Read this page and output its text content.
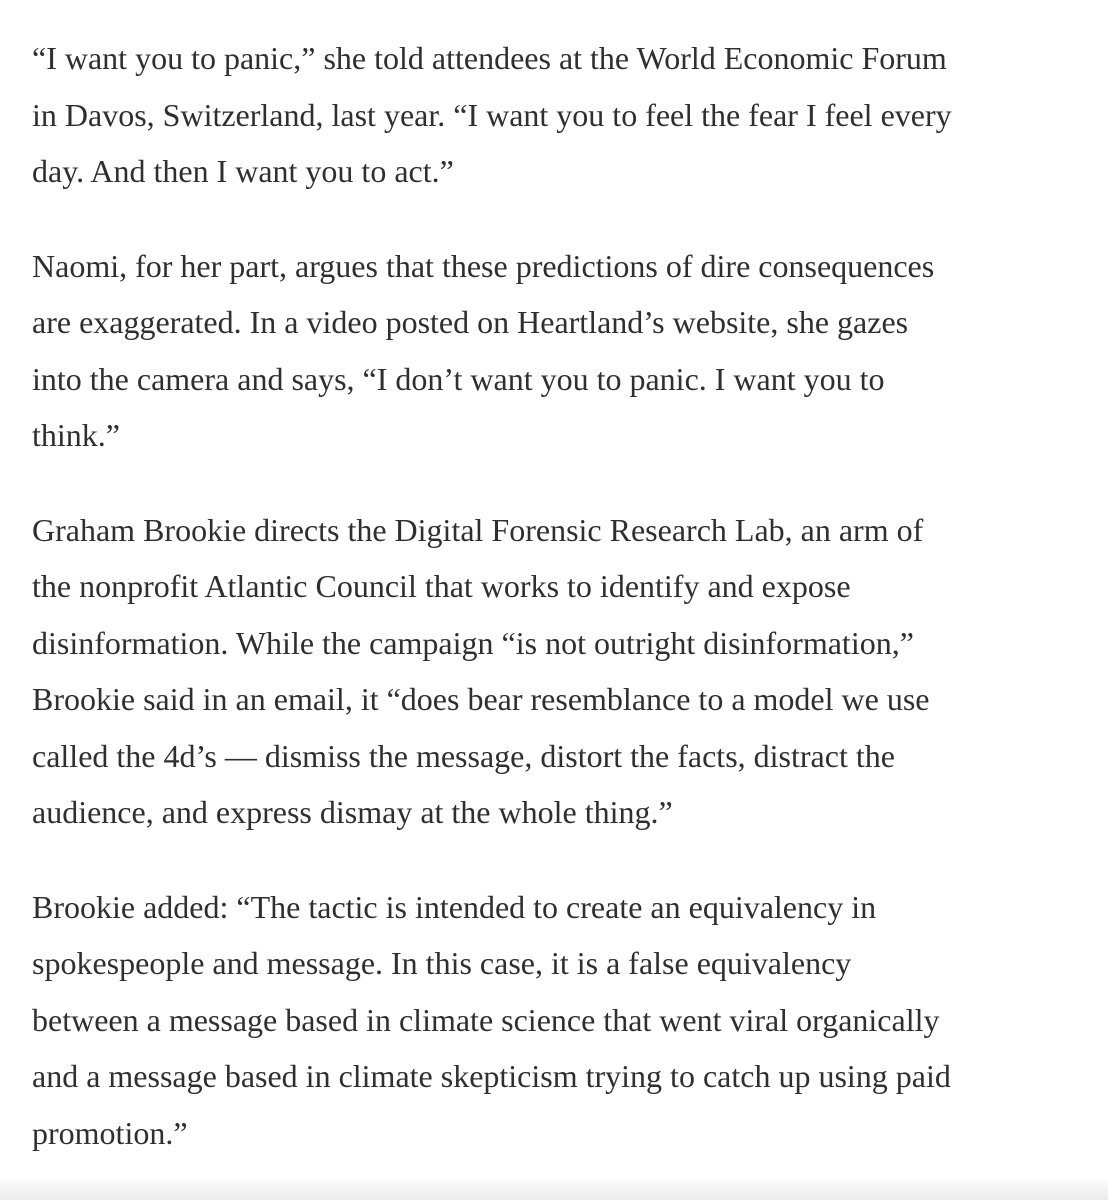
“I want you to panic,” she told attendees at the World Economic Forum
in Davos, Switzerland, last year. “I want you to feel the fear I feel every
day. And then I want you to act.”

Naomi, for her part, argues that these predictions of dire consequences
are exaggerated. In a video posted on Heartland’s website, she gazes
into the camera and says, “I don’t want you to panic. I want you to
think.”

Graham Brookie directs the Digital Forensic Research Lab, an arm of
the nonprofit Atlantic Council that works to identify and expose
disinformation. While the campaign “is not outright disinformation,”
Brookie said in an email, it “does bear resemblance to a model we use
called the 4d’s — dismiss the message, distort the facts, distract the
audience, and express dismay at the whole thing.”

Brookie added: “The tactic is intended to create an equivalency in
spokespeople and message. In this case, it is a false equivalency
between a message based in climate science that went viral organically
and a message based in climate skepticism trying to catch up using paid
promotion.”
